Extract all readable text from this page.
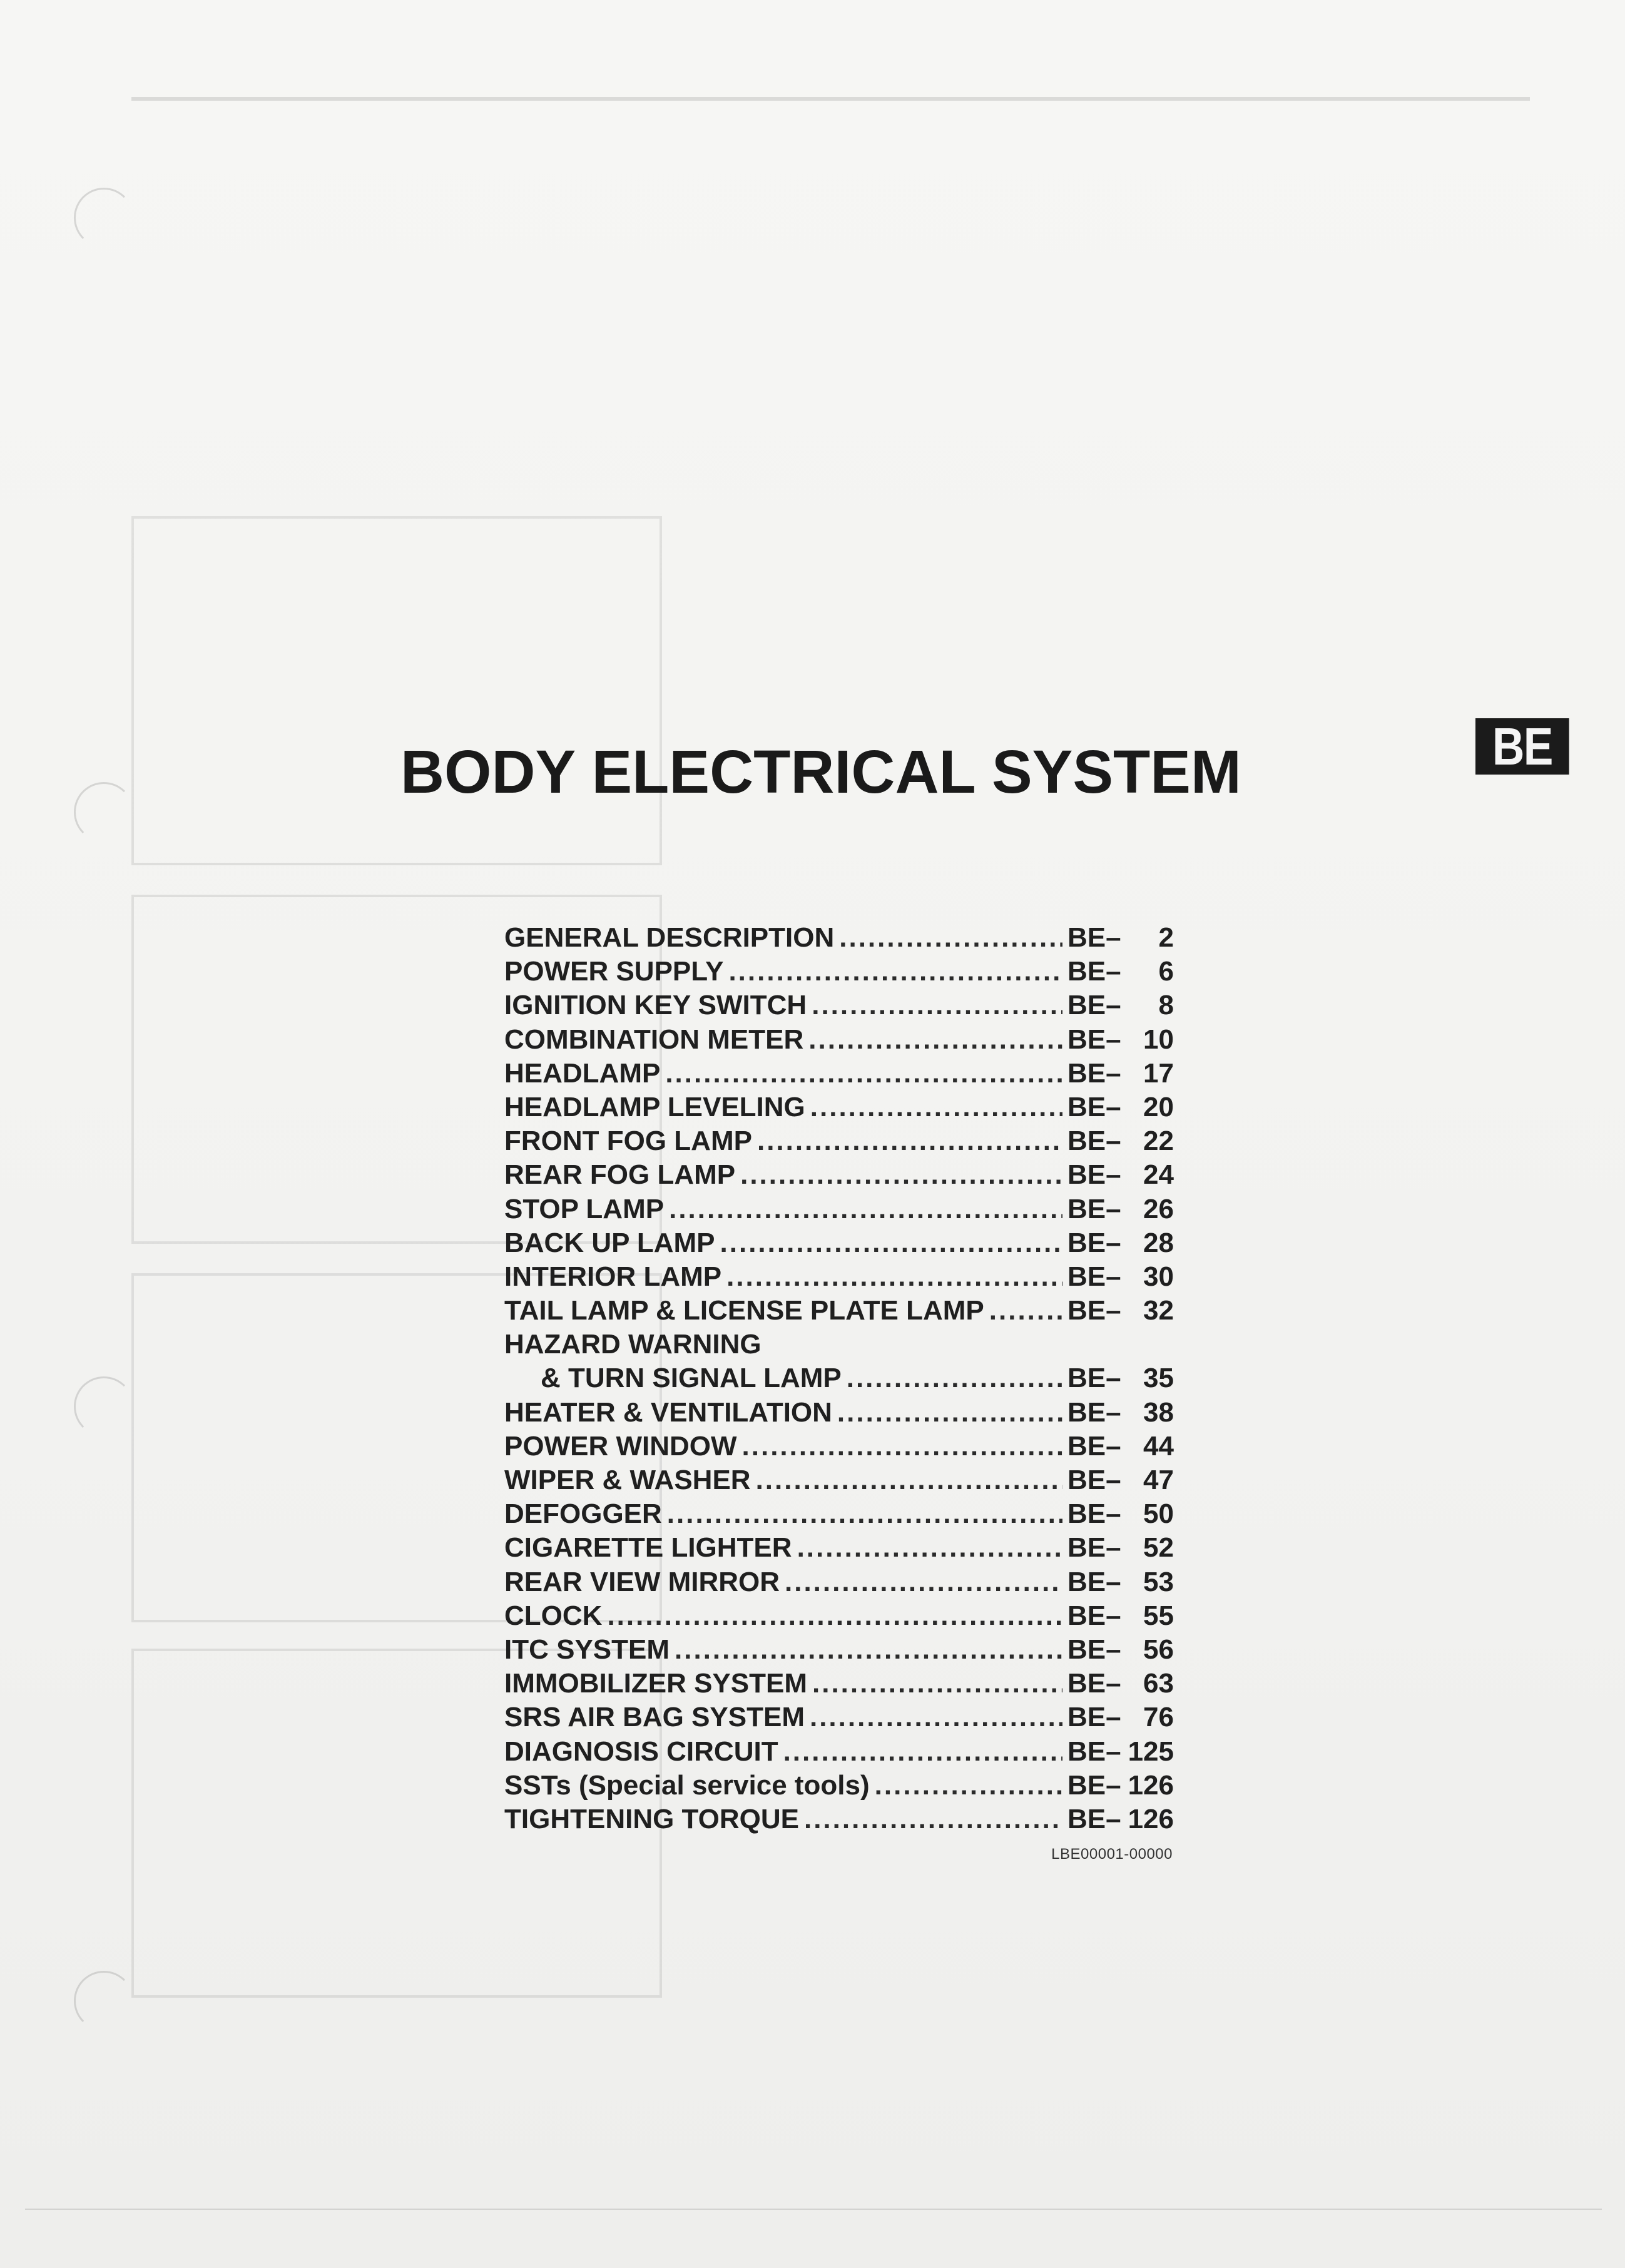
BE
BODY ELECTRICAL SYSTEM
GENERAL DESCRIPTION .....	BE– 2
POWER SUPPLY .....	BE– 6
IGNITION KEY SWITCH .....	BE– 8
COMBINATION METER .....	BE– 10
HEADLAMP .....	BE– 17
HEADLAMP LEVELING .....	BE– 20
FRONT FOG LAMP .....	BE– 22
REAR FOG LAMP .....	BE– 24
STOP LAMP .....	BE– 26
BACK UP LAMP .....	BE– 28
INTERIOR LAMP .....	BE– 30
TAIL LAMP & LICENSE PLATE LAMP .....	BE– 32
HAZARD WARNING
& TURN SIGNAL LAMP .....	BE– 35
HEATER & VENTILATION .....	BE– 38
POWER WINDOW .....	BE– 44
WIPER & WASHER .....	BE– 47
DEFOGGER .....	BE– 50
CIGARETTE LIGHTER .....	BE– 52
REAR VIEW MIRROR .....	BE– 53
CLOCK .....	BE– 55
ITC SYSTEM .....	BE– 56
IMMOBILIZER SYSTEM .....	BE– 63
SRS AIR BAG SYSTEM .....	BE– 76
DIAGNOSIS CIRCUIT .....	BE– 125
SSTs (Special service tools) .....	BE– 126
TIGHTENING TORQUE .....	BE– 126
LBE00001-00000
